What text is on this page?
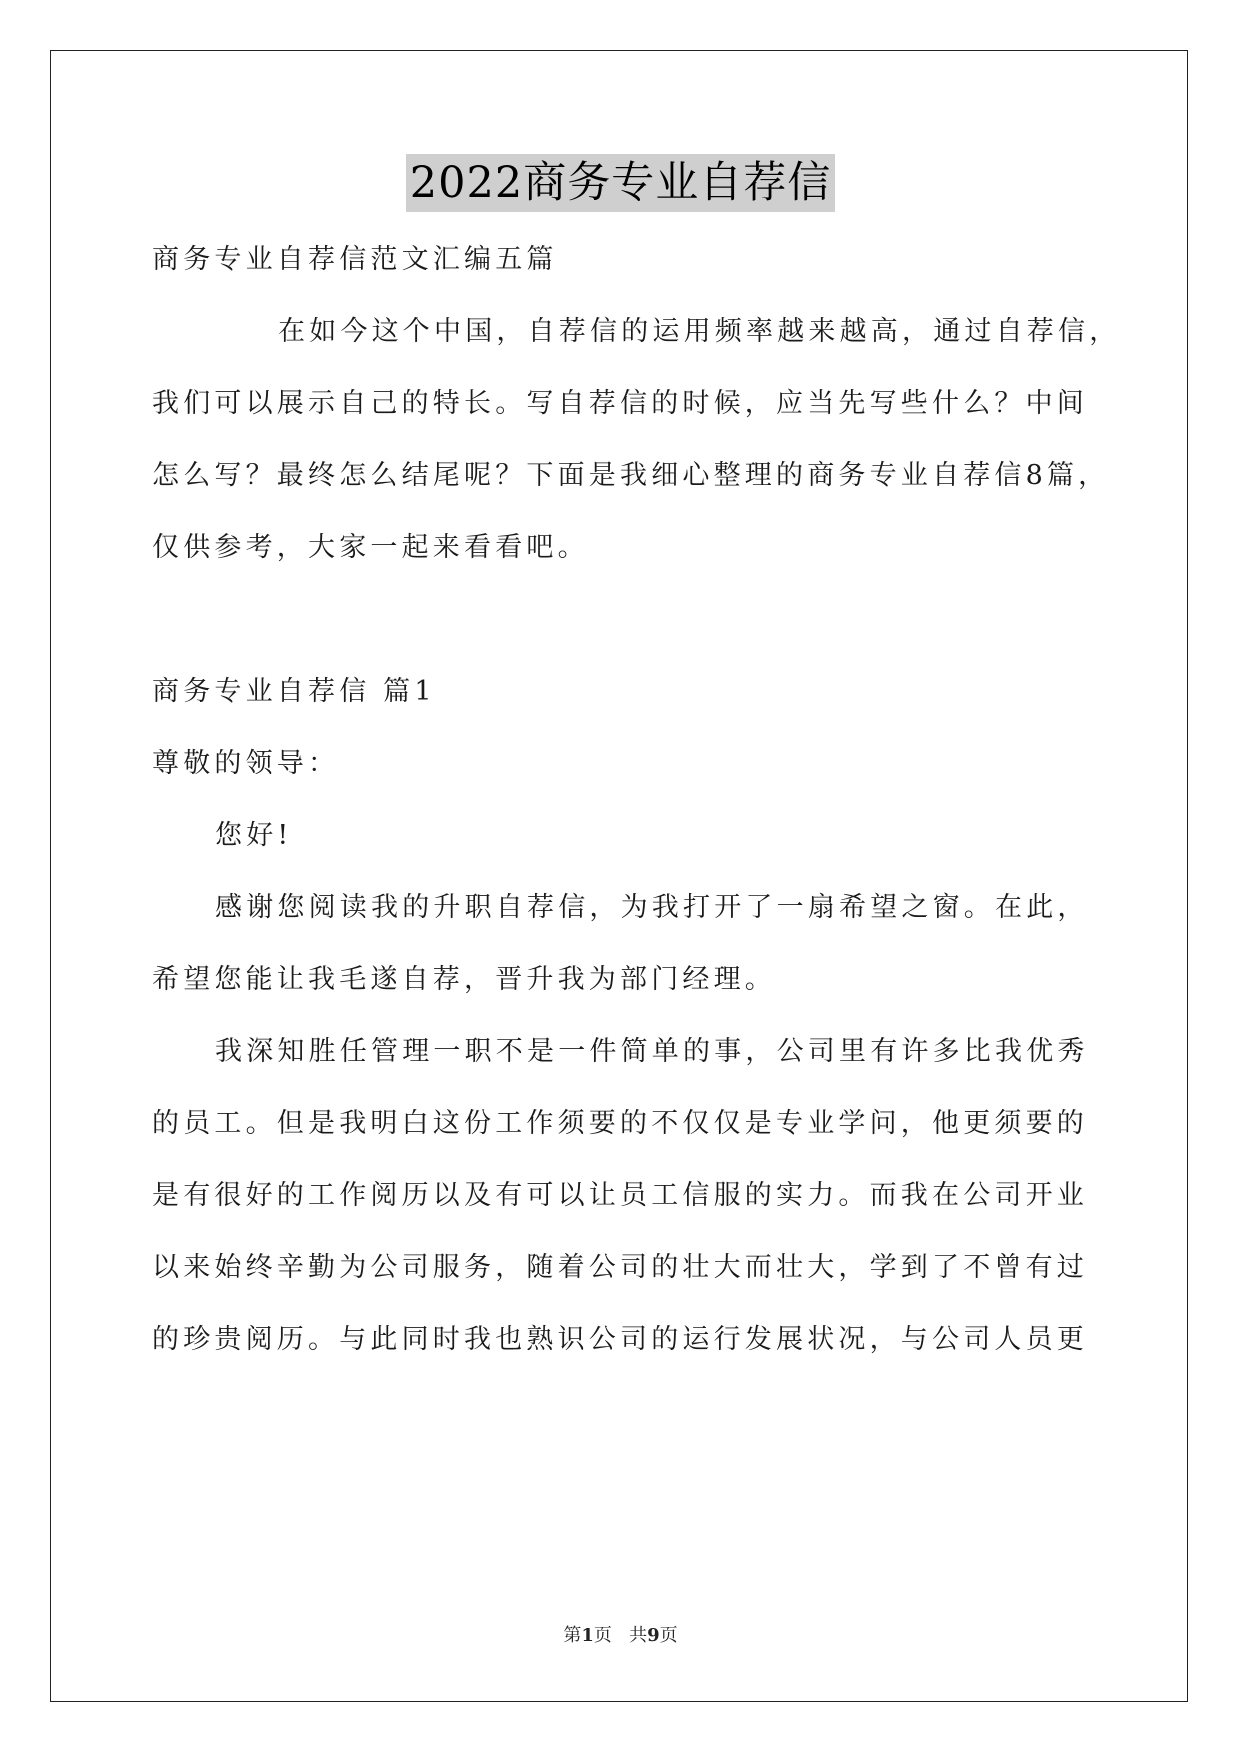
2022商务专业自荐信
商务专业自荐信范文汇编五篇
在如今这个中国，自荐信的运用频率越来越高，通过自荐信，
我们可以展示自己的特长。写自荐信的时候，应当先写些什么？中间
怎么写？最终怎么结尾呢？下面是我细心整理的商务专业自荐信8篇，
仅供参考，大家一起来看看吧。
商务专业自荐信 篇1
尊敬的领导：
您好!
感谢您阅读我的升职自荐信，为我打开了一扇希望之窗。在此，
希望您能让我毛遂自荐，晋升我为部门经理。
我深知胜任管理一职不是一件简单的事，公司里有许多比我优秀
的员工。但是我明白这份工作须要的不仅仅是专业学问，他更须要的
是有很好的工作阅历以及有可以让员工信服的实力。而我在公司开业
以来始终辛勤为公司服务，随着公司的壮大而壮大，学到了不曾有过
的珍贵阅历。与此同时我也熟识公司的运行发展状况，与公司人员更
第1页   共9页
